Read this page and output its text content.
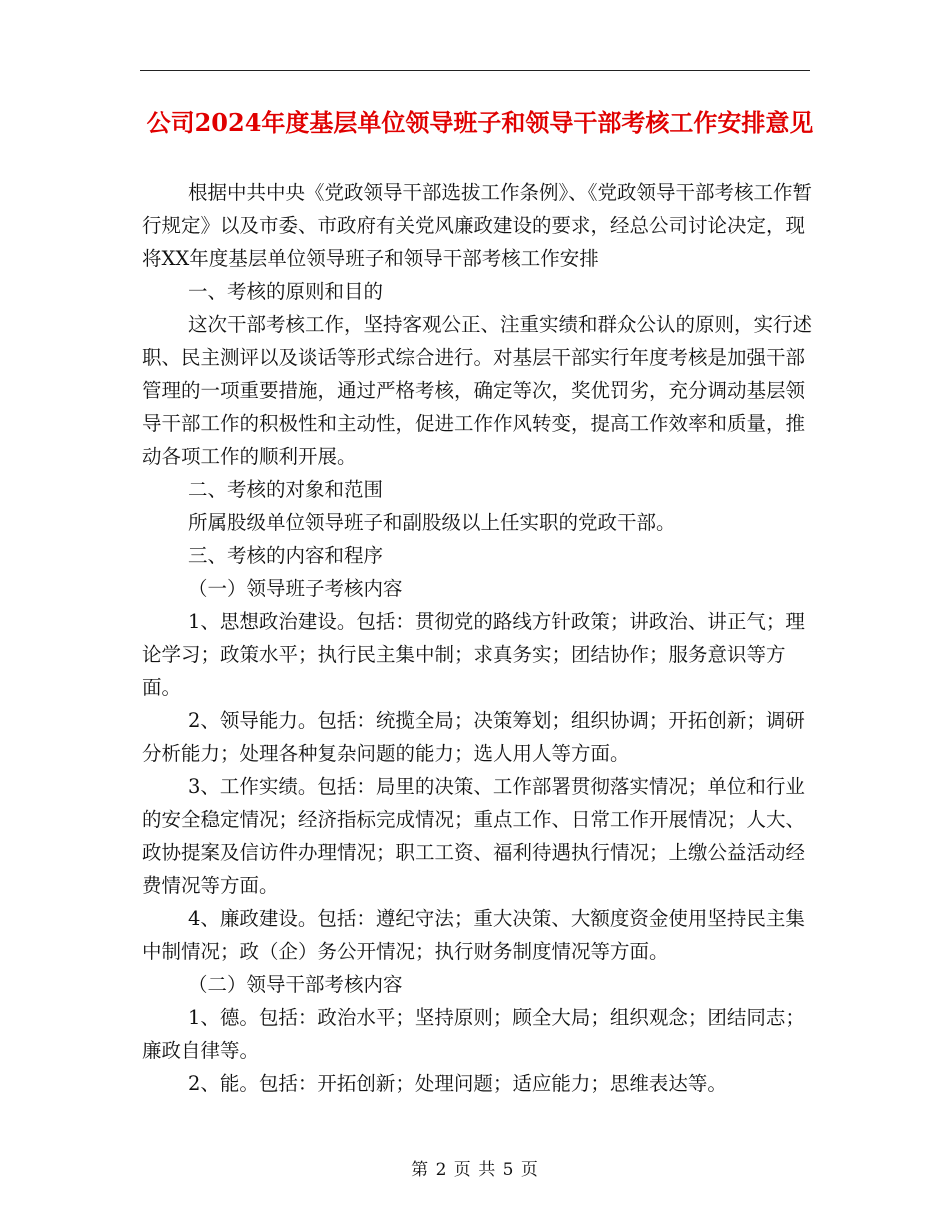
公司2024年度基层单位领导班子和领导干部考核工作安排意见

根据中共中央《党政领导干部选拔工作条例》、《党政领导干部考核工作暂行规定》以及市委、市政府有关党风廉政建设的要求，经总公司讨论决定，现将XX年度基层单位领导班子和领导干部考核工作安排

一、考核的原则和目的

这次干部考核工作，坚持客观公正、注重实绩和群众公认的原则，实行述职、民主测评以及谈话等形式综合进行。对基层干部实行年度考核是加强干部管理的一项重要措施，通过严格考核，确定等次，奖优罚劣，充分调动基层领导干部工作的积极性和主动性，促进工作作风转变，提高工作效率和质量，推动各项工作的顺利开展。

二、考核的对象和范围

所属股级单位领导班子和副股级以上任实职的党政干部。

三、考核的内容和程序

（一）领导班子考核内容

1、思想政治建设。包括：贯彻党的路线方针政策；讲政治、讲正气；理论学习；政策水平；执行民主集中制；求真务实；团结协作；服务意识等方面。

2、领导能力。包括：统揽全局；决策筹划；组织协调；开拓创新；调研分析能力；处理各种复杂问题的能力；选人用人等方面。

3、工作实绩。包括：局里的决策、工作部署贯彻落实情况；单位和行业的安全稳定情况；经济指标完成情况；重点工作、日常工作开展情况；人大、政协提案及信访件办理情况；职工工资、福利待遇执行情况；上缴公益活动经费情况等方面。

4、廉政建设。包括：遵纪守法；重大决策、大额度资金使用坚持民主集中制情况；政（企）务公开情况；执行财务制度情况等方面。

（二）领导干部考核内容

1、德。包括：政治水平；坚持原则；顾全大局；组织观念；团结同志；廉政自律等。

2、能。包括：开拓创新；处理问题；适应能力；思维表达等。

第 2 页 共 5 页
